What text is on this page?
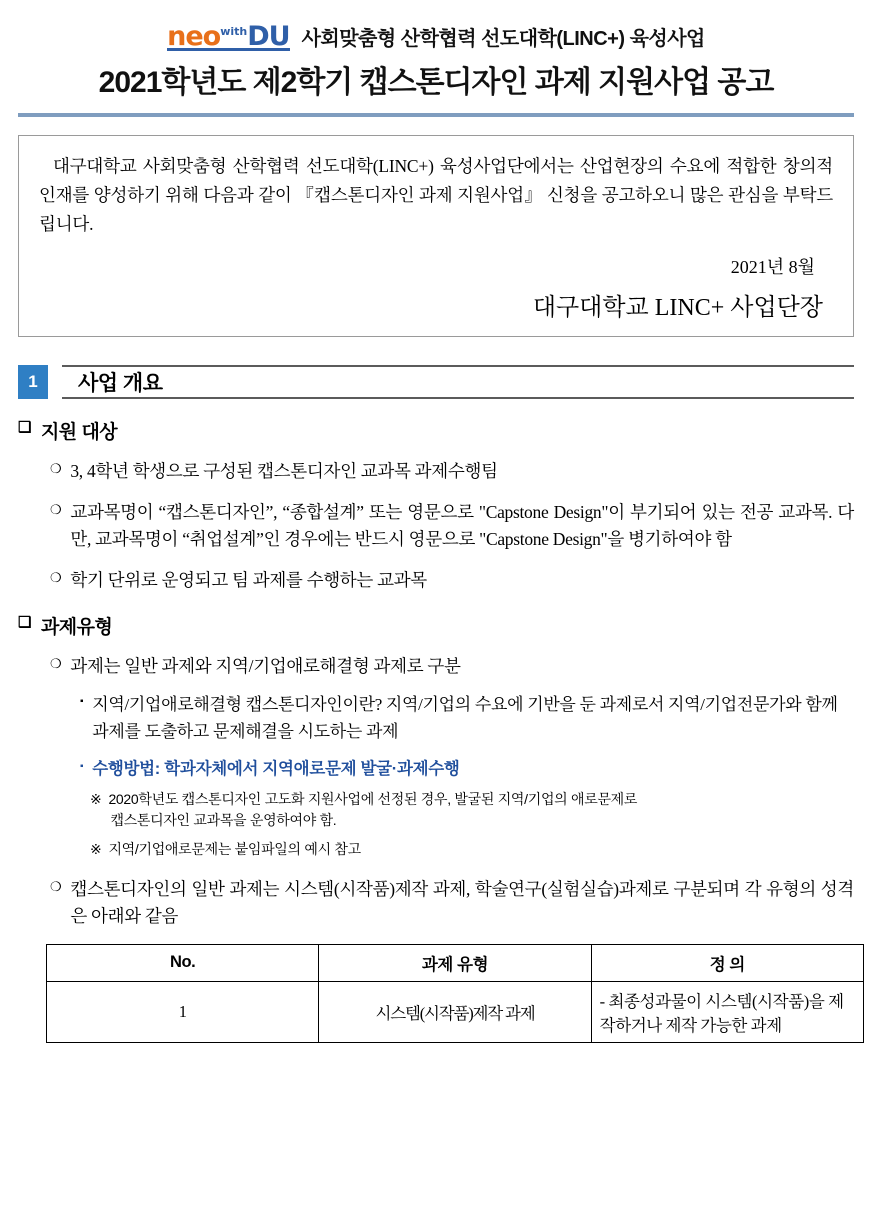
neo$^{with}$DU 사회맞춤형 산학협력 선도대학(LINC+) 육성사업
2021학년도 제2학기 캡스톤디자인 과제 지원사업 공고
대구대학교 사회맞춤형 산학협력 선도대학(LINC+) 육성사업단에서는 산업현장의 수요에 적합한 창의적 인재를 양성하기 위해 다음과 같이 『캡스톤디자인 과제 지원사업』 신청을 공고하오니 많은 관심을 부탁드립니다.
2021년 8월
대구대학교 LINC+ 사업단장
1	사업 개요
❑ 지원 대상
❍ 3, 4학년 학생으로 구성된 캡스톤디자인 교과목 과제수행팀
❍ 교과목명이 “캡스톤디자인”, “종합설계” 또는 영문으로 "Capstone Design"이 부기되어 있는 전공 교과목. 다만, 교과목명이 “취업설계”인 경우에는 반드시 영문으로 "Capstone Design"을 병기하여야 함
❍ 학기 단위로 운영되고 팀 과제를 수행하는 교과목
❑ 과제유형
❍ 과제는 일반 과제와 지역/기업애로해결형 과제로 구분
▪ 지역/기업애로해결형 캡스톤디자인이란? 지역/기업의 수요에 기반을 둔 과제로서 지역/기업전문가와 함께 과제를 도출하고 문제해결을 시도하는 과제
▪ 수행방법: 학과자체에서 지역애로문제 발굴·과제수행
※ 2020학년도 캡스톤디자인 고도화 지원사업에 선정된 경우, 발굴된 지역/기업의 애로문제로
캡스톤디자인 교과목을 운영하여야 함.
※ 지역/기업애로문제는 붙임파일의 예시 참고
❍ 캡스톤디자인의 일반 과제는 시스템(시작품)제작 과제, 학술연구(실험실습)과제로 구분되며 각 유형의 성격은 아래와 같음
No.	과제 유형	정 의
1	시스템(시작품)제작 과제	- 최종성과물이 시스템(시작품)을 제작하거나 제작 가능한 과제
